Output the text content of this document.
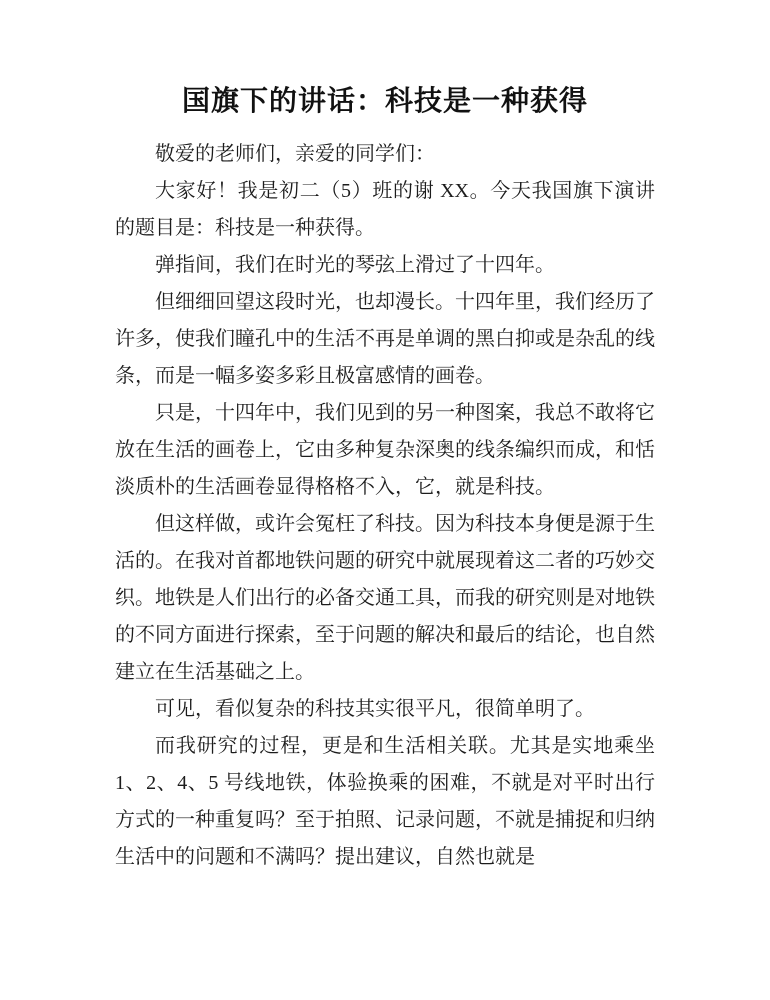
国旗下的讲话：科技是一种获得

敬爱的老师们，亲爱的同学们：

大家好！我是初二（5）班的谢 XX。今天我国旗下演讲的题目是：科技是一种获得。

弹指间，我们在时光的琴弦上滑过了十四年。

但细细回望这段时光，也却漫长。十四年里，我们经历了许多，使我们瞳孔中的生活不再是单调的黑白抑或是杂乱的线条，而是一幅多姿多彩且极富感情的画卷。

只是，十四年中，我们见到的另一种图案，我总不敢将它放在生活的画卷上，它由多种复杂深奥的线条编织而成，和恬淡质朴的生活画卷显得格格不入，它，就是科技。

但这样做，或许会冤枉了科技。因为科技本身便是源于生活的。在我对首都地铁问题的研究中就展现着这二者的巧妙交织。地铁是人们出行的必备交通工具，而我的研究则是对地铁的不同方面进行探索，至于问题的解决和最后的结论，也自然建立在生活基础之上。

可见，看似复杂的科技其实很平凡，很简单明了。

而我研究的过程，更是和生活相关联。尤其是实地乘坐 1、2、4、5 号线地铁，体验换乘的困难，不就是对平时出行方式的一种重复吗？至于拍照、记录问题，不就是捕捉和归纳生活中的问题和不满吗？提出建议，自然也就是
